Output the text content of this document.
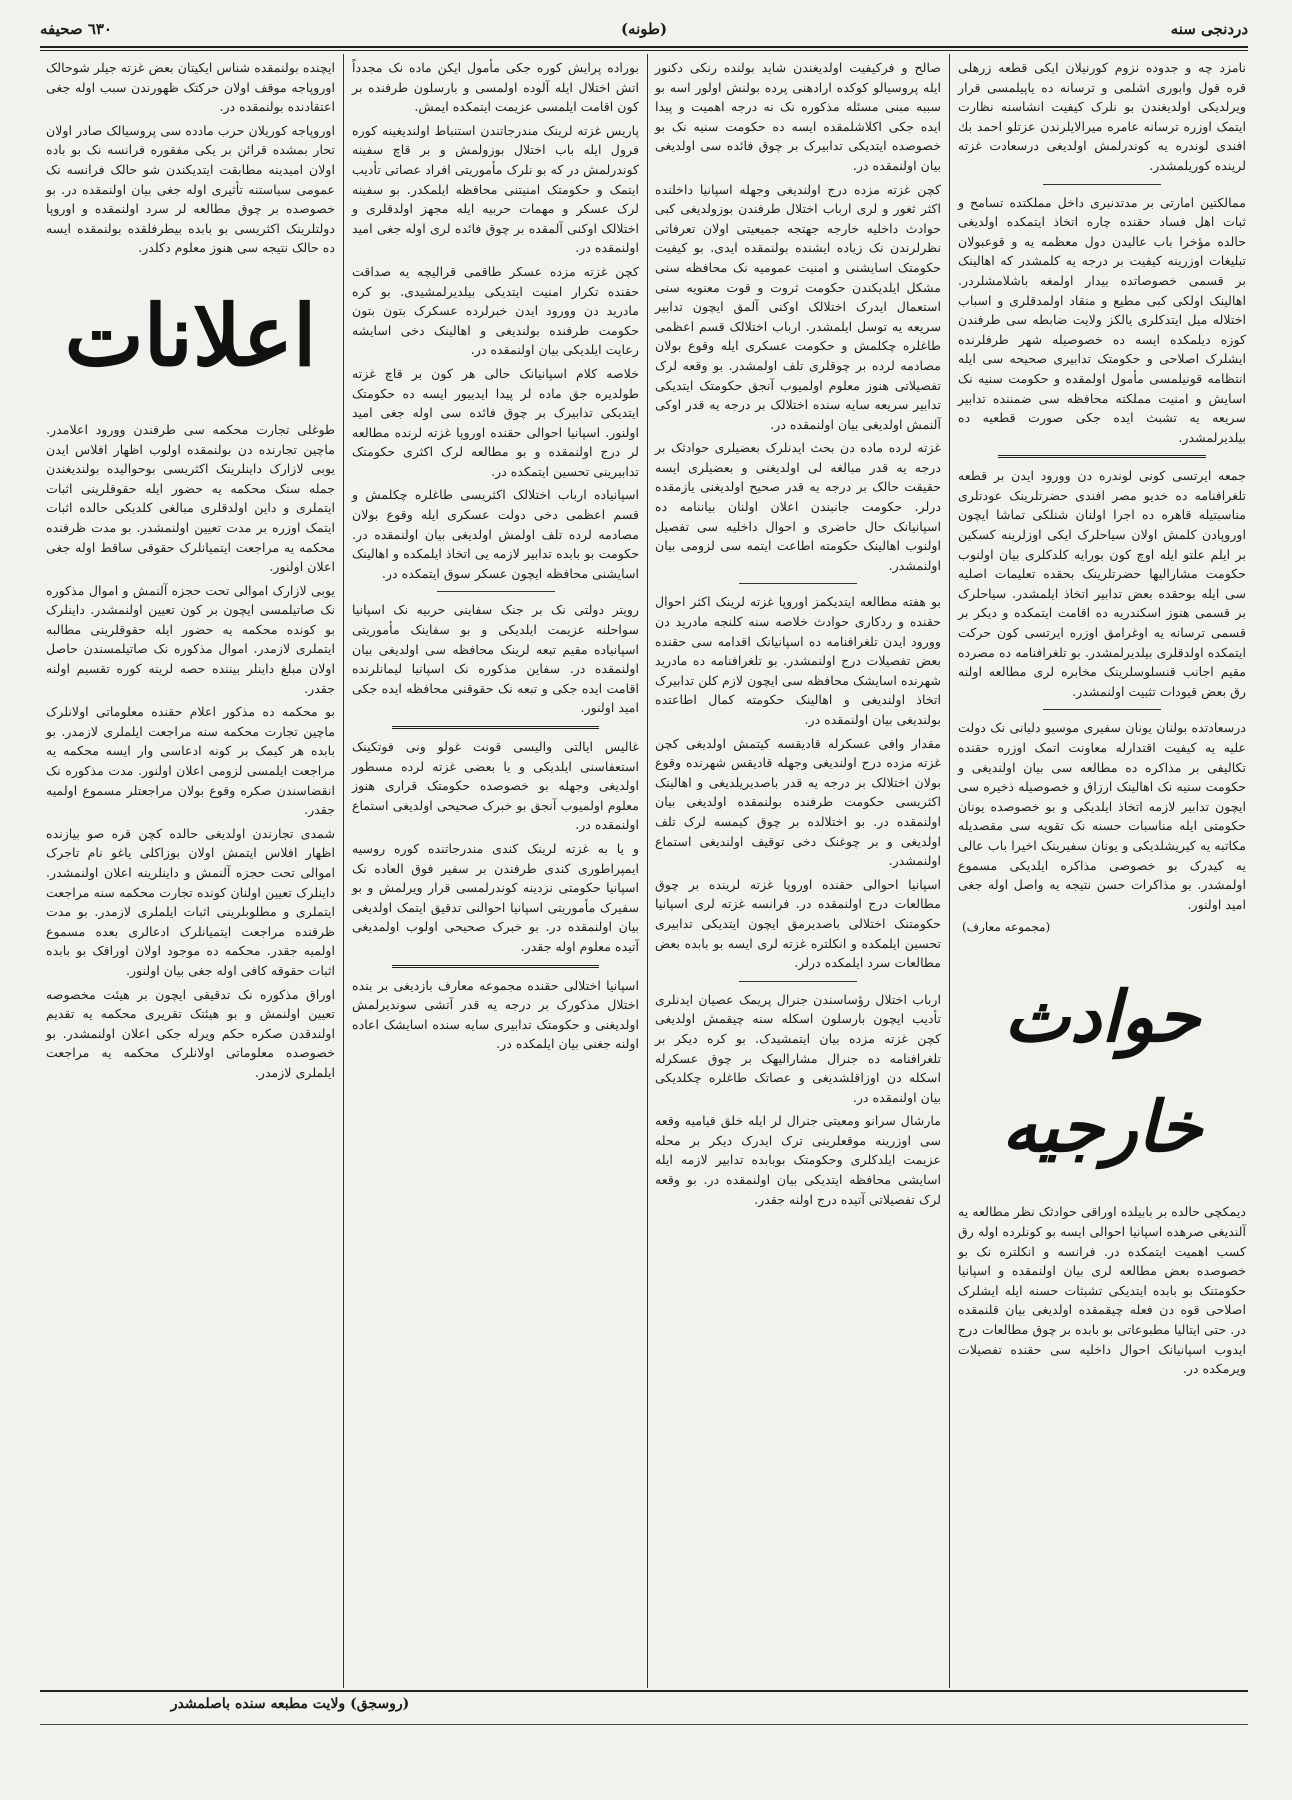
دردنجی سنه
(طونه)
٦٣٠ صحیفه

نامزد چه و جدوده نزوم کورنیلان ایکی قطعه زرهلی قره قول وابوری اشلمی و ترسانه ده یاپیلمسی قرار ویرلدیکی اولدیغندن بو نلرک کیفیت انشاسنه نظارت ایتمک اوزره ترسانه عامره میرالایلرندن عزتلو احمد بك افندی لوندره یه کوندرلمش اولدیغی درسعادت غزته لرینده کوریلمشدر.

ممالکتین امارتی بر مدتدنبری داخل مملکتده تسامح و ثبات اهل فساد حقنده چاره اتخاذ ایتمکده اولدیغی حالده مؤخرا باب عالیدن دول معظمه یه و قوعبولان تبلیغات اوزرینه کیفیت بر درجه یه کلمشدر که اهالینک بر قسمی خصوصاتده بیدار اولمغه باشلامشلردر. اهالینک اولکی کبی مطیع و منقاد اولمدقلری و اسباب اختلاله میل ایتدکلری یالکز ولایت ضابطه سی طرفندن کوزه دیلمکده ایسه ده خصوصیله شهر طرفلرنده ایشلرک اصلاحی و حکومتک تدابیری صحیحه سی ایله انتظامه قونیلمسی مأمول اولمقده و حکومت سنیه نک اسایش و امنیت مملکته محافظه سی ضمننده تدابیر سریعه یه تشبث ایده جکی صورت قطعیه ده بیلدیرلمشدر.

جمعه ایرتسی کونی لوندره دن وورود ایدن بر قطعه تلغرافنامه ده خدیو مصر افندی حضرتلرینک عودتلری مناسبتیله قاهره ده اجرا اولنان شنلکی تماشا ایچون اوروپادن کلمش اولان سیاحلرک ایکی اوزلرینه کسکین بر ایلم علتو ایله اوچ کون بورایه کلدکلری بیان اولنوب حکومت مشارالیها حضرتلرینک بحقده تعلیمات اصلیه سی ایله بوحقده بعض تدابیر اتخاذ ایلمشدر. سیاحلرک بر قسمی هنوز اسکندریه ده اقامت ایتمکده و دیکر بر قسمی ترسانه یه اوغرامق اوزره ایرتسی کون حرکت ایتمکده اولدقلری بیلدیرلمشدر. بو تلغرافنامه ده مصرده مقیم اجانب قنسلوسلرینک مخابره لری مطالعه اولنه رق بعض قیودات تثبیت اولنمشدر.

درسعادتده بولنان یونان سفیری موسیو دلیانی نک دولت علیه یه کیفیت اقتدارله معاونت اتمک اوزره حقنده تکالیفی بر مذاکره ده مطالعه سی بیان اولندیغی و حکومت سنیه نک اهالینک ارزاق و خصوصیله ذخیره سی ایچون تدابیر لازمه اتخاذ ایلدیکی و بو خصوصده یونان حکومتی ایله مناسبات حسنه نک تقویه سی مقصدیله مکاتبه یه کیریشلدیکی و یونان سفیرینک اخیرا باب عالی یه کیدرک بو خصوصی مذاکره ایلدیکی مسموع اولمشدر. بو مذاکرات حسن نتیجه یه واصل اوله جغی امید اولنور.

(مجموعه معارف)
حوادث خارجیه

دیمکچی حالده بر بابیلده اوراقی حوادثک نظر مطالعه یه آلندیغی صرهده اسپانیا احوالی ایسه بو کونلرده اوله رق کسب اهمیت ایتمکده در. فرانسه و انکلتره نک بو خصوصده بعض مطالعه لری بیان اولنمقده و اسپانیا حکومتنک بو بابده ایتدیکی تشبثات حسنه ایله ایشلرک اصلاحی قوه دن فعله چیقمقده اولدیغی بیان قلنمقده در. حتی ایتالیا مطبوعاتی بو بابده بر چوق مطالعات درج ایدوب اسپانیانک احوال داخلیه سی حقنده تفصیلات ویرمکده در.

صالح و فرکیفیت اولدیغندن شاید بولنده رنکی دکنور ایله پروسیالو کوکده ارادهنی پرده بولنش اولور اسه بو سببه مبنی مسئله مذکوره نک نه درجه اهمیت و پیدا ایده جکی اکلاشلمقده ایسه ده حکومت سنیه نک بو خصوصده ایتدیکی تدابیرک بر چوق فائده سی اولدیغی بیان اولنمقده در.

کچن غزته مزده درج اولندیغی وجهله اسپانیا داخلنده اکثر ثغور و لری ارباب اختلال طرفندن بوزولدیغی کبی حوادث داخلیه خارجه جهتجه جمیعیتی اولان تعرفاتی نظرلرندن نک زیاده ایشنده بولنمقده ایدی. بو کیفیت حکومتک اسایشنی و امنیت عمومیه نک محافظه سنی مشکل ایلدیکندن حکومت ثروت و قوت معنویه سنی استعمال ایدرک اختلالک اوکنی آلمق ایچون تدابیر سریعه یه توسل ایلمشدر. ارباب اختلالک قسم اعظمی طاغلره چکلمش و حکومت عسکری ایله وقوع بولان مصادمه لرده بر چوقلری تلف اولمشدر. بو وقعه لرک تفصیلاتی هنوز معلوم اولمیوب آنجق حکومتک ایتدیکی تدابیر سریعه سایه سنده اختلالک بر درجه یه قدر اوکی آلنمش اولدیغی بیان اولنمقده در.

غزته لرده ماده دن بحث ایدنلرک بعضیلری حوادثک بر درجه یه قدر مبالغه لی اولدیغنی و بعضیلری ایسه حقیقت حالک بر درجه یه قدر صحیح اولدیغنی یازمقده درلر. حکومت جانبندن اعلان اولنان بیاننامه ده اسپانیانک حال حاضری و احوال داخلیه سی تفصیل اولنوب اهالینک حکومته اطاعت ایتمه سی لزومی بیان اولنمشدر.

بو هفته مطالعه ایتدیکمز اوروپا غزته لرینک اکثر احوال حقنده و ردکاری حوادث خلاصه سنه کلنجه مادرید دن وورود ایدن تلغرافنامه ده اسپانیانک اقدامه سی حقنده بعض تفصیلات درج اولنمشدر. بو تلغرافنامه ده مادرید شهرنده اسایشک محافظه سی ایچون لازم کلن تدابیرک اتخاذ اولندیغی و اهالینک حکومته کمال اطاعتده بولندیغی بیان اولنمقده در.

مقدار وافی عسکرله قادیقسه کیتمش اولدیغی کچن غزته مزده درج اولندیغی وجهله قادیقس شهرنده وقوع بولان اختلالک بر درجه یه قدر باصدیریلدیغی و اهالینک اکثریسی حکومت طرفنده بولنمقده اولدیغی بیان اولنمقده در. بو اختلالده بر چوق کیمسه لرک تلف اولدیغی و بر چوغنک دخی توقیف اولندیغی استماع اولنمشدر.

اسپانیا احوالی حقنده اوروپا غزته لرینده بر چوق مطالعات درج اولنمقده در. فرانسه غزته لری اسپانیا حکومتنک اختلالی باصدیرمق ایچون ایتدیکی تدابیری تحسین ایلمکده و انکلتره غزته لری ایسه بو بابده بعض مطالعات سرد ایلمکده درلر.

ارباب اختلال رؤساسندن جنرال پریمک عصیان ایدنلری تأدیب ایچون بارسلون اسکله سنه چیقمش اولدیغی کچن غزته مزده بیان ایتمشیدک. بو کره دیکر بر تلغرافنامه ده جنرال مشارالیهک بر چوق عسکرله اسکله دن اوزاقلشدیغی و عصاتک طاغلره چکلدیکی بیان اولنمقده در.

مارشال سرانو ومعیتی جنرال لر ایله خلق قیامیه وقعه سی اوزرینه موقعلرینی ترک ایدرک دیکر بر محله عزیمت ایلدکلری وحکومتک بوبابده تدابیر لازمه ایله اسایشی محافظه ایتدیکی بیان اولنمقده در. بو وقعه لرک تفصیلاتی آتیده درج اولنه جقدر.

بوراده پرایش کوره جکی مأمول ایکن ماده نک مجدداً اتش اختلال ایله آلوده اولمسی و بارسلون طرفنده بر کون اقامت ایلمسی عزیمت ایتمکده ایمش.

پاریس غزته لرینک مندرجاتندن استنباط اولندیغینه کوره فرول ایله باب اختلال بوزولمش و بر قاچ سفینه کوندرلمش در که بو نلرک مأموریتی افراد عصاتی تأدیب ایتمک و حکومتک امنیتنی محافظه ایلمکدر. بو سفینه لرک عسکر و مهمات حربیه ایله مجهز اولدقلری و اختلالک اوکنی آلمقده بر چوق فائده لری اوله جغی امید اولنمقده در.

کچن غزته مزده عسکر طاقمی قرالیچه یه صداقت حقنده تکرار امنیت ایتدیکی بیلدیرلمشیدی. بو کره مادرید دن وورود ایدن خبرلرده عسکرک بتون بتون حکومت طرفنده بولندیغی و اهالینک دخی اسایشه رعایت ایلدیکی بیان اولنمقده در.

خلاصه کلام اسپانیانک حالی هر کون بر قاچ غزته طولدیره جق ماده لر پیدا ایدییور ایسه ده حکومتک ایتدیکی تدابیرک بر چوق فائده سی اوله جغی امید اولنور. اسپانیا احوالی حقنده اوروپا غزته لرنده مطالعه لر درج اولنمقده و بو مطالعه لرک اکثری حکومتک تدابیرینی تحسین ایتمکده در.

اسپانیاده ارباب اختلالک اکثریسی طاغلره چکلمش و قسم اعظمی دخی دولت عسکری ایله وقوع بولان مصادمه لرده تلف اولمش اولدیغی بیان اولنمقده در. حکومت بو بابده تدابیر لازمه یی اتخاذ ایلمکده و اهالینک اسایشنی محافظه ایچون عسکر سوق ایتمکده در.

رویتر دولتی نک بر جنک سفاینی حربیه نک اسپانیا سواحلنه عزیمت ایلدیکی و بو سفاینک مأموریتی اسپانیاده مقیم تبعه لرینک محافظه سی اولدیغی بیان اولنمقده در. سفاین مذکوره نک اسپانیا لیمانلرنده اقامت ایده جکی و تبعه نک حقوقنی محافظه ایده جکی امید اولنور.

غالیس ایالتی والیسی قونت غولو ونی فوتکینک استعفاسنی ایلدیکی و یا بعضی غزته لرده مسطور اولدیغی وجهله بو خصوصده حکومتک قراری هنوز معلوم اولمیوب آنجق بو خبرک صحیحی اولدیغی استماع اولنمقده در.

و یا به غزته لرینک کندی مندرجاتنده کوره روسیه ایمپراطوری کندی طرفندن بر سفیر فوق العاده نک اسپانیا حکومتی نزدینه کوندرلمسی قرار ویرلمش و بو سفیرک مأموریتی اسپانیا احوالنی تدقیق ایتمک اولدیغی بیان اولنمقده در. بو خبرک صحیحی اولوب اولمدیغی آتیده معلوم اوله جقدر.

اسپانیا اختلالی حقنده مجموعه معارف بازدیغی بر بنده اختلال مذکورک بر درجه یه قدر آتشی سوندیرلمش اولدیغنی و حکومتک تدابیری سایه سنده اسایشک اعاده اولنه جغنی بیان ایلمکده در.

ایچنده بولنمقده شناس ایکیتان بعض غزته جیلر شوحالک اوروپاجه موقف اولان حرکتک ظهورندن سبب اوله جغی اعتقادنده بولنمقده در.

اوروپاجه کوریلان حرب مادده سی پروسیالک صادر اولان تحار بمشده قرائن بر یکی مفقوره فرانسه نک بو باده اولان امیدینه مطابقت ایتدیکندن شو حالک فرانسه نک عمومی سیاستنه تأثیری اوله جغی بیان اولنمقده در. بو خصوصده بر چوق مطالعه لر سرد اولنمقده و اوروپا دولتلرینک اکثریسی بو بابده بیطرفلقده بولنمقده ایسه ده حالک نتیجه سی هنوز معلوم دکلدر.

اعلانات

طوغلی تجارت محکمه سی طرفندن وورود اعلامدر. ماچین تجارنده دن بولنمقده اولوب اظهار افلاس ایدن یوبی لازارک داینلرینک اکثریسی بوحوالیده بولندیغندن جمله سنک محکمه یه حضور ایله حقوقلرینی اثبات ایتملری و داین اولدقلری مبالغی کلدیکی حالده اثبات ایتمک اوزره بر مدت تعیین اولنمشدر. بو مدت ظرفنده محکمه یه مراجعت ایتمیانلرک حقوقی ساقط اوله جغی اعلان اولنور.

یوبی لازارک اموالی تحت حجزه آلنمش و اموال مذکوره نک صاتیلمسی ایچون بر کون تعیین اولنمشدر. داینلرک بو کونده محکمه یه حضور ایله حقوقلرینی مطالبه ایتملری لازمدر. اموال مذکوره نک صاتیلمسندن حاصل اولان مبلغ داینلر بیننده حصه لرینه کوره تقسیم اولنه جقدر.

بو محکمه ده مذکور اعلام حقنده معلوماتی اولانلرک ماچین تجارت محکمه سنه مراجعت ایلملری لازمدر. بو بابده هر کیمک بر کونه ادعاسی وار ایسه محکمه یه مراجعت ایلمسی لزومی اعلان اولنور. مدت مذکوره نک انقضاسندن صکره وقوع بولان مراجعتلر مسموع اولمیه جقدر.

شمدی تجارندن اولدیغی حالده کچن قره صو بیازنده اظهار افلاس ایتمش اولان بوزاکلی یاغو نام تاجرک اموالی تحت حجزه آلنمش و داینلرینه اعلان اولنمشدر. داینلرک تعیین اولنان کونده تجارت محکمه سنه مراجعت ایتملری و مطلوبلرینی اثبات ایلملری لازمدر. بو مدت ظرفنده مراجعت ایتمیانلرک ادعالری بعده مسموع اولمیه جقدر. محکمه ده موجود اولان اوراقک بو بابده اثبات حقوقه کافی اوله جغی بیان اولنور.

اوراق مذکوره نک تدقیقی ایچون بر هیئت مخصوصه تعیین اولنمش و بو هیئتک تقریری محکمه یه تقدیم اولندقدن صکره حکم ویرله جکی اعلان اولنمشدر. بو خصوصده معلوماتی اولانلرک محکمه یه مراجعت ایلملری لازمدر.

(روسجق) ولایت مطبعه سنده باصلمشدر
